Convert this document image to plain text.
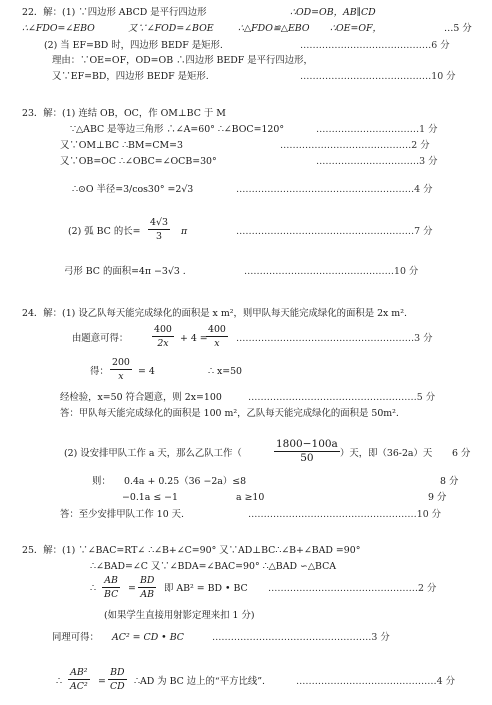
22．解：(1) ∵四边形 ABCD 是平行四边形	∴OD=OB，AB∥CD
∴∠FDO=∠EBO	又∵∠FOD=∠BOE	∴△FDO≌△EBO ∴OE=OF，	…5 分
(2) 当 EF=BD 时，四边形 BEDF 是矩形.	……………………………………6 分
理由：∵OE=OF，OD=OB ∴四边形 BEDF 是平行四边形，
又∵EF=BD，四边形 BEDF 是矩形.	……………………………………10 分
23．解：(1) 连结 OB，OC，作 OM⊥BC 于 M
∵△ABC 是等边三角形 ∴∠A=60° ∴∠BOC=120°	……………………………1 分
又∵OM⊥BC ∴BM=CM=3	……………………………………2 分
又∵OB=OC ∴∠OBC=∠OCB=30°	……………………………3 分
∴⊙O 半径=3/cos30° =2√3	…………………………………………………4 分
(2) 弧 BC 的长= $\frac{4√3}{3}$ π	…………………………………………………7 分
弓形 BC 的面积=4π −3√3 .	…………………………………………10 分
24．解：(1) 设乙队每天能完成绿化的面积是 x m²，则甲队每天能完成绿化的面积是 2x m².
由题意可得：	$\frac{400}{2x} + 4$ =
$\frac{400}{x}$ …………………………………………………3 分
得： $\frac{200}{x} = 4$	∴ x=50
经检验，x=50 符合题意，则 2x=100	………………………………………………5 分
答：甲队每天能完成绿化的面积是 100 m²，乙队每天能完成绿化的面积是 50m².
(2) 设安排甲队工作 a 天，那么乙队工作（	$\frac{1800-100a}{50}$ ）天，即（36-2a）天 6 分
则： 0.4a + 0.25（36 −2a）≤8	8 分
−0.1a ≤ −1	a ≥10	9 分
答：至少安排甲队工作 10 天.	………………………………………………10 分
25．解：(1) ∵∠BAC=RT∠ ∴∠B+∠C=90° 又∵AD⊥BC∴∠B+∠BAD =90°
∴∠BAD=∠C 又∵∠BDA=∠BAC=90° ∴△BAD ∽△BCA
∴ $\frac{AB}{BC} = \frac{BD}{AB}$ 即 AB² = BD • BC …………………………………………2 分
(如果学生直接用射影定理来扣 1 分)
同理可得： AC² = CD • BC	……………………………………………3 分
∴ $\frac{\text{AB²}}{\text{AC²}} = \frac{BD}{CD}$ ∴AD 为 BC 边上的“平方比线”.	………………………………………4 分
